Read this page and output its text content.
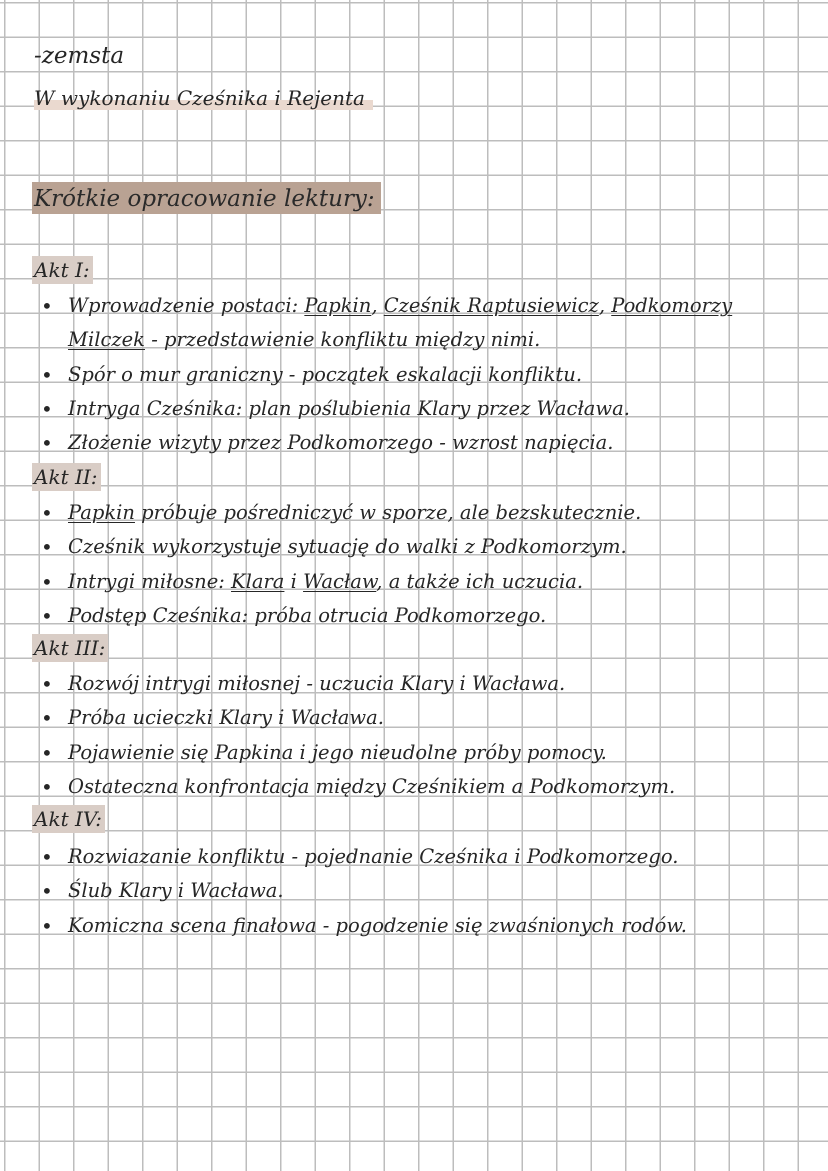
-zemsta
W wykonaniu Cześnika i Rejenta
Krótkie opracowanie lektury:
Akt I:
• Wprowadzenie postaci: Papkin, Cześnik Raptusiewicz, Podkomorzy Milczek - przedstawienie konfliktu między nimi.
• Spór o mur graniczny - początek eskalacji konfliktu.
• Intryga Cześnika: plan poślubienia Klary przez Wacława.
• Złożenie wizyty przez Podkomorzego - wzrost napięcia.
Akt II:
• Papkin próbuje pośredniczyć w sporze, ale bezskutecznie.
• Cześnik wykorzystuje sytuację do walki z Podkomorzym.
• Intrygi miłosne: Klara i Wacław, a także ich uczucia.
• Podstęp Cześnika: próba otrucia Podkomorzego.
Akt III:
• Rozwój intrygi miłosnej - uczucia Klary i Wacława.
• Próba ucieczki Klary i Wacława.
• Pojawienie się Papkina i jego nieudolne próby pomocy.
• Ostateczna konfrontacja między Cześnikiem a Podkomorzym.
Akt IV:
• Rozwiazanie konfliktu - pojednanie Cześnika i Podkomorzego.
• Ślub Klary i Wacława.
• Komiczna scena finałowa - pogodzenie się zwaśnionych rodów.
